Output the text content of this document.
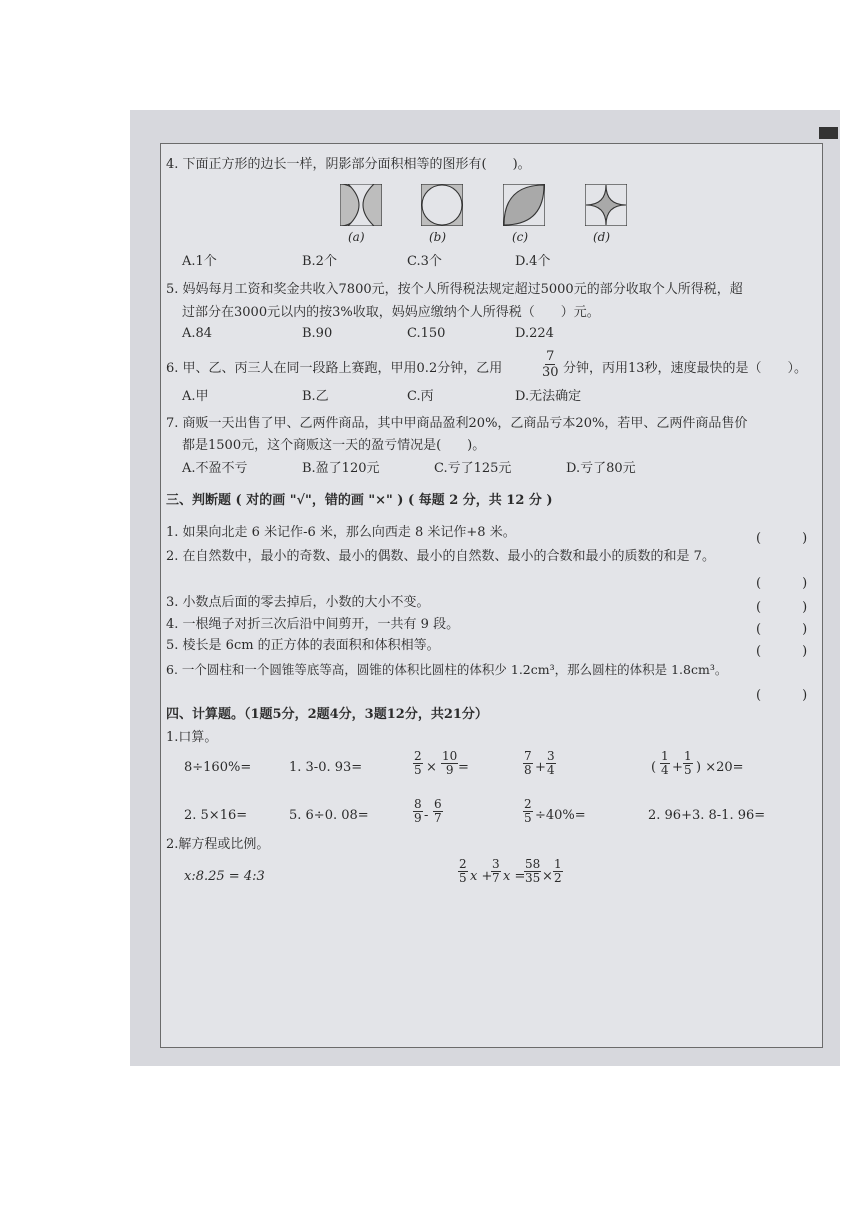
4. 下面正方形的边长一样，阴影部分面积相等的图形有(　　)。
(a)	(b)	(c)	(d)
A.1个	B.2个	C.3个	D.4个
5. 妈妈每月工资和奖金共收入7800元，按个人所得税法规定超过5000元的部分收取个人所得税，超
过部分在3000元以内的按3%收取，妈妈应缴纳个人所得税（　　）元。
A.84	B.90	C.150	D.224
6. 甲、乙、丙三人在同一段路上赛跑，甲用0.2分钟，乙用	$\frac{7}{30}$ 分钟，丙用13秒，速度最快的是（　　）。
A.甲	B.乙	C.丙	D.无法确定
7. 商贩一天出售了甲、乙两件商品，其中甲商品盈利20%，乙商品亏本20%，若甲、乙两件商品售价
都是1500元，这个商贩这一天的盈亏情况是(　　)。
A.不盈不亏	B.盈了120元	C.亏了125元	D.亏了80元
三、判断题 ( 对的画 "√"，错的画 "×" ) ( 每题 2 分，共 12 分 )
1. 如果向北走 6 米记作-6 米，那么向西走 8 米记作+8 米。	(　)
2. 在自然数中，最小的奇数、最小的偶数、最小的自然数、最小的合数和最小的质数的和是 7。
(　)
3. 小数点后面的零去掉后，小数的大小不变。	(　)
4. 一根绳子对折三次后沿中间剪开，一共有 9 段。	(　)
5. 棱长是 6cm 的正方体的表面积和体积相等。	(　)
6. 一个圆柱和一个圆锥等底等高，圆锥的体积比圆柱的体积少 1.2cm³，那么圆柱的体积是 1.8cm³。
(　)
四、计算题。（1题5分，2题4分，3题12分，共21分）
1.口算。
8÷160%=	1. 3-0. 93=	$\frac{2}{5} \times \frac{10}{9}$ =	$\frac{7}{8} + \frac{3}{4}$	( $\frac{1}{4} + \frac{1}{5}$ ) ×20=
2. 5×16=	5. 6÷0. 08=	$\frac{8}{9} - \frac{6}{7}$	$\frac{2}{5} \div 40\%=$	2. 96+3. 8-1. 96=
2.解方程或比例。
x:8.25 = 4:3	$\frac{2}{5}$ x +
$\frac{3}{7}$ x =
$\frac{58}{35} \times \frac{1}{2}$
